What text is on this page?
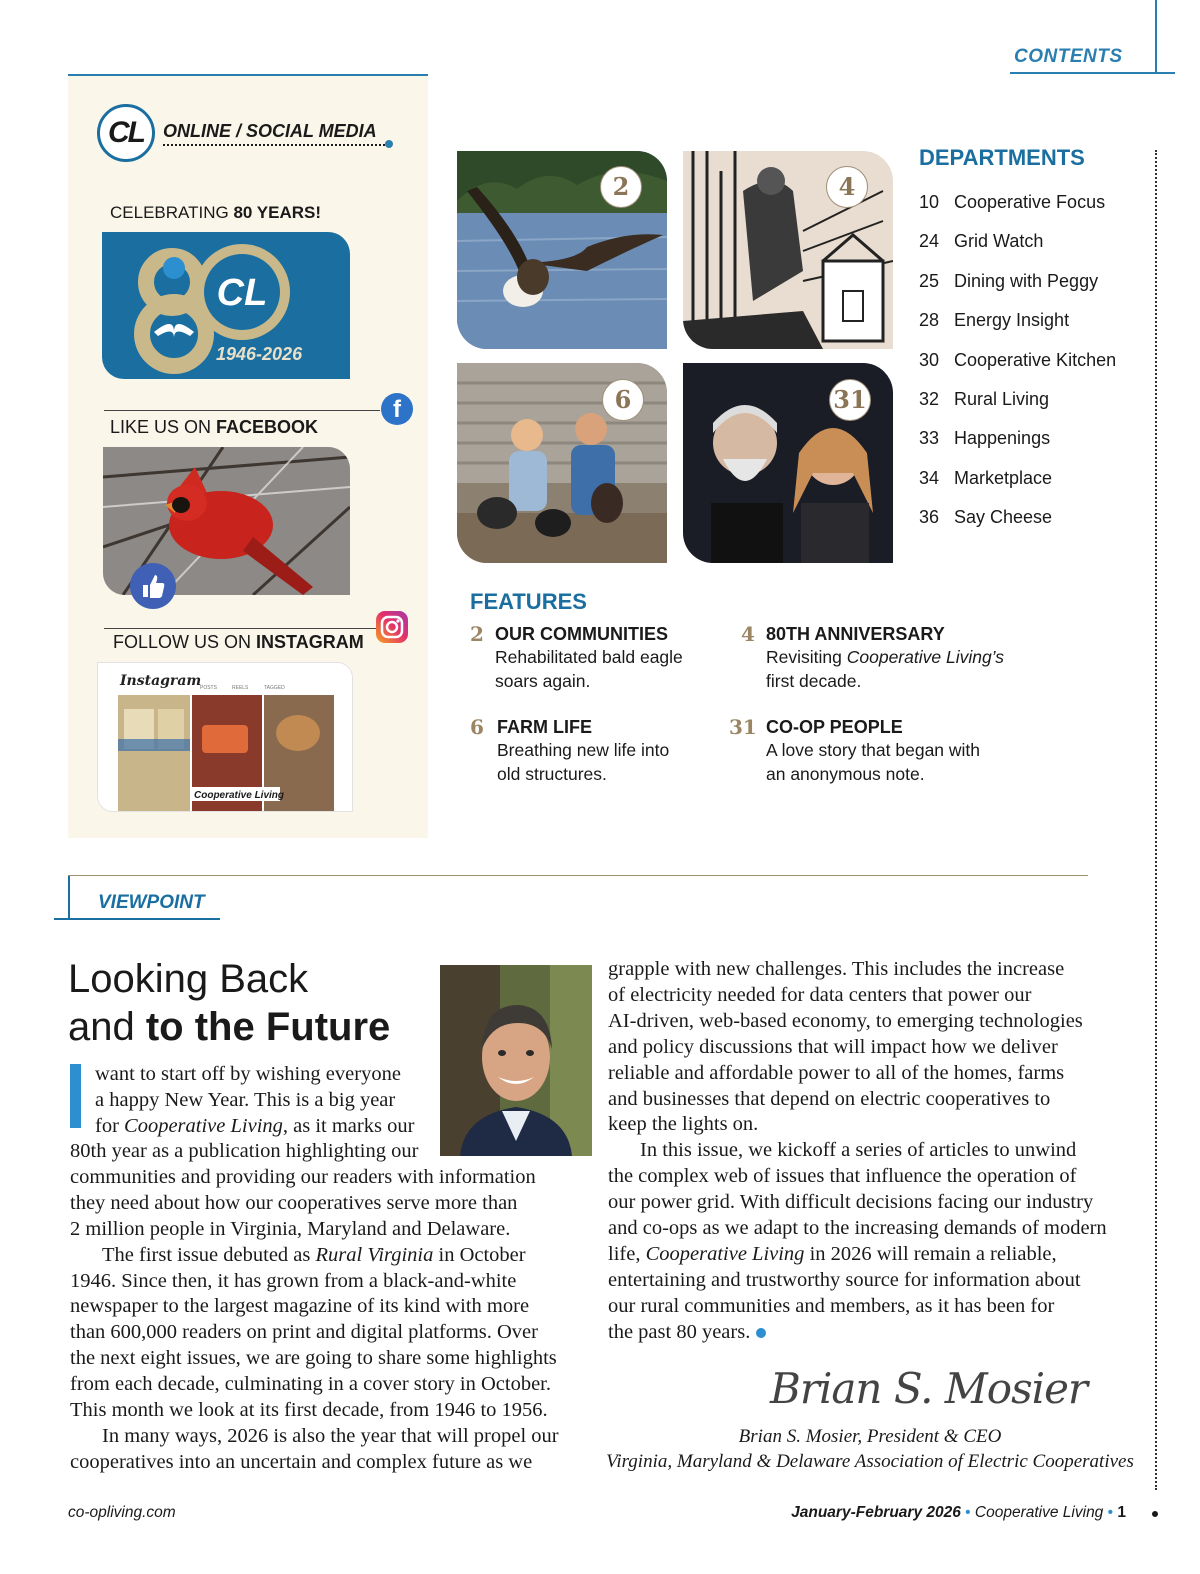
CONTENTS
CL ONLINE / SOCIAL MEDIA
CELEBRATING 80 YEARS!
CL
1946-2026
f
LIKE US ON FACEBOOK
FOLLOW US ON INSTAGRAM
Instagram
POSTS	REELS	TAGGED
Cooperative Living
2	4
6	31
DEPARTMENTS
10 Cooperative Focus
24 Grid Watch
25 Dining with Peggy
28 Energy Insight
30 Cooperative Kitchen
32 Rural Living
33 Happenings
34 Marketplace
36 Say Cheese
FEATURES
2 OUR COMMUNITIES
Rehabilitated bald eagle
soars again.
4 80TH ANNIVERSARY
Revisiting Cooperative Living’s
first decade.
6 FARM LIFE
Breathing new life into
old structures.
31 CO-OP PEOPLE
A love story that began with
an anonymous note.
VIEWPOINT
Looking Back
and to the Future
want to start off by wishing everyone
a happy New Year. This is a big year
for Cooperative Living, as it marks our
80th year as a publication highlighting our
communities and providing our readers with information
they need about how our cooperatives serve more than
2 million people in Virginia, Maryland and Delaware.
The first issue debuted as Rural Virginia in October
1946. Since then, it has grown from a black-and-white
newspaper to the largest magazine of its kind with more
than 600,000 readers on print and digital platforms. Over
the next eight issues, we are going to share some highlights
from each decade, culminating in a cover story in October.
This month we look at its first decade, from 1946 to 1956.
In many ways, 2026 is also the year that will propel our
cooperatives into an uncertain and complex future as we
grapple with new challenges. This includes the increase
of electricity needed for data centers that power our
AI-driven, web-based economy, to emerging technologies
and policy discussions that will impact how we deliver
reliable and affordable power to all of the homes, farms
and businesses that depend on electric cooperatives to
keep the lights on.
In this issue, we kickoff a series of articles to unwind
the complex web of issues that influence the operation of
our power grid. With difficult decisions facing our industry
and co-ops as we adapt to the increasing demands of modern
life, Cooperative Living in 2026 will remain a reliable,
entertaining and trustworthy source for information about
our rural communities and members, as it has been for
the past 80 years.
Brian S. Mosier
Brian S. Mosier, President & CEO
Virginia, Maryland & Delaware Association of Electric Cooperatives
co-opliving.com	January-February 2026 • Cooperative Living • 1
